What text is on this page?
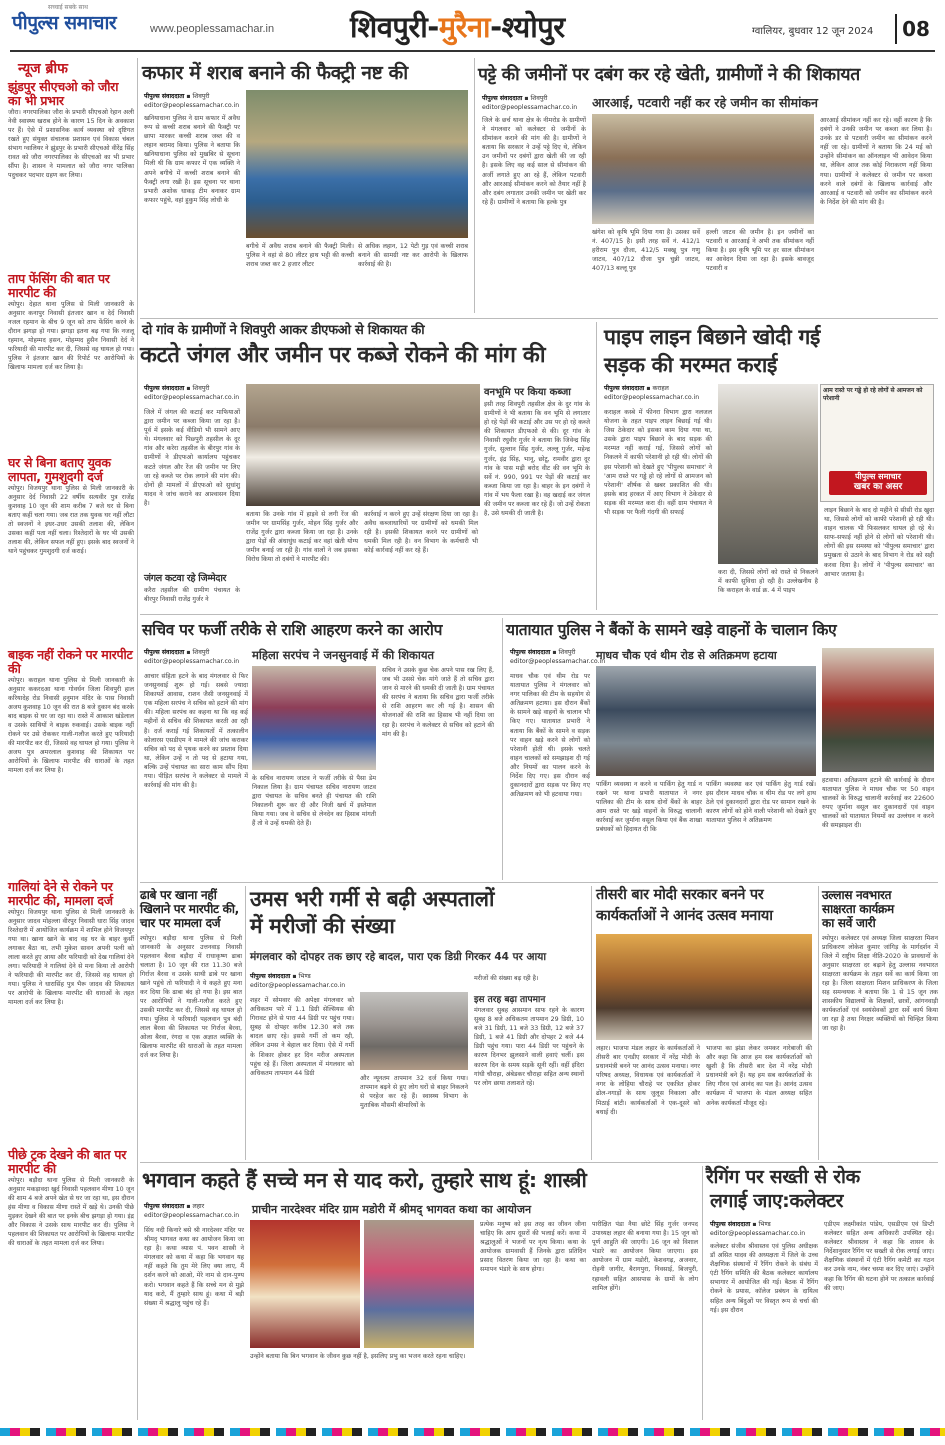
पीपुल्स समाचार
सच्चाई सबके साथ
www.peoplessamachar.in	शिवपुरी-मुरैना-श्योपुर	ग्वालियर, बुधवार 12 जून 2024 08
न्यूज ब्रीफ
झुंडपुर सीएचओ को जौरा का भी प्रभार
जौरा। नगरपालिका जौरा के प्रभारी सीएचओ रेहान अली नेवी स्वास्थ्य खराब होने के कारण 15 दिन के अवकाश पर हैं। ऐसे में प्रशासनिक कार्य व्यवस्था को दृष्टिगत रखते हुए संयुक्त संचालक प्रशासन एवं विकास चंबल संभाग ग्वालियर ने झुंडपुर के प्रभारी सीएचओ वीरेंद्र सिंह रावत को जौरा नगरपालिका के सीएचओ का भी प्रभार सौंपा है। शासन ने मामलात को जौरा नगर पालिका पदुचकर पदभार ग्रहण कर लिया।
ताप फेंसिंग की बात पर मारपीट की
श्योपुर। देहात थाना पुलिस से मिली जानकारी के अनुसार कनापुर निवासी इंतजार खान व देर्द निवासी नजल रहमान के बीच 9 जून को ताप फेंसिंग करने के दौरान झगड़ा हो गया। झगड़ा इतना बढ़ गया कि नजलू रहमान, मोहम्मद हसन, मोहम्मद हुसैन निवासी देर्द ने फरियादी की मारपीट कर दी, जिससे वह घायल हो गया। पुलिस ने इंतजार खान की रिपोर्ट पर आरोपियों के खिलाफ मामला दर्ज कर लिया है।
घर से बिना बताए युवक लापता, गुमशुदगी दर्ज
श्योपुर। विजयपुर थाना पुलिस से मिली जानकारी के अनुसार देर्द निवासी 22 वर्षीय सत्यवीर पुत्र राजेंद्र कुशवाह 10 जून की शाम करीब 7 बजे घर से बिना बताए कहीं चला गया। जब रात तक युवक घर नहीं लौटा तो स्वजनों ने इधर-उधर उसकी तलाश की, लेकिन उसका कहीं पता नहीं चला। रिश्तेदारों के घर भी उसकी तलाश की, लेकिन सफल नहीं हुए। इसके बाद स्वजनों ने थाने पहुंचकर गुमशुदगी दर्ज कराई।
बाइक नहीं रोकने पर मारपीट की
श्योपुर। कराहल थाना पुलिस से मिली जानकारी के अनुसार ककरदआ थाना गोवर्धन जिला शिवपुरी हाल करियादेह रोड निवासी हनुमान मंदिर के पास निवासी अजय कुशवाह 10 जून की रात 8 बजे दुकान बंद करके बाद बाइक से घर जा रहा था। रास्ते में आकाश खंडेलाल व उसके साथियों ने बाइक रुकवाई। उसके बाइक नहीं रोकने पर उसे रोककर गाली-गलौज करते हुए फरियादी की मारपीट कर दी, जिससे वह घायल हो गया। पुलिस ने अजय पुत्र अमरलाल कुशवाह की शिकायत पर आरोपियों के खिलाफ मारपीट की धाराओं के तहत मामला दर्ज कर लिया है।
गालियां देने से रोकने पर मारपीट की, मामला दर्ज
श्योपुर। विजयपुर थाना पुलिस से मिली जानकारी के अनुसार जादव मोहल्ला वीरपुर निवासी धारा सिंह जादव रिश्तेदारी में आयोजित कार्यक्रम में शामिल होने विजयपुर गया था। खाना खाने के बाद वह घर के बाहर कुर्सी लगाकर बैठा था, तभी मुकेश सावन अपनी पत्नी को लाला करते हुए आया और फरियादी को देख गालियां देने लगा। फरियादी ने गालियां देने से मना किया तो आरोपी ने फरियादी की मारपीट कर दी, जिससे वह घायल हो गया। पुलिस ने धारासिंह पुत्र भैरू जादव की शिकायत पर आरोपी के खिलाफ मारपीट की धाराओं के तहत मामला दर्ज कर लिया है।
पीछे ट्रक देखने की बात पर मारपीट की
श्योपुर। बड़ौदा थाना पुलिस से मिली जानकारी के अनुसार मकड़ावदा खुर्द निवासी पहलवान मीणा 10 जून की शाम 4 बजे अपने खेत से घर जा रहा था, इस दौरान हंस मीणा व विकास मीणा रास्ते में खड़े थे। उनकी पीछे मुड़कर देखने की बात पर इनके बीच झगड़ा हो गया। इंद्र और विकास ने उसके साथ मारपीट कर दी। पुलिस ने पहलवान की शिकायत पर आरोपियों के खिलाफ मारपीट की धाराओं के तहत मामला दर्ज कर लिया।
कफार में शराब बनाने की फैक्ट्री नष्ट की
पीपुल्स संवाददाता ▪ शिवपुरी
editor@peoplessamachar.co.in
खनियाधाना पुलिस ने ग्राम कफार में अवैध रूप से कच्ची शराब बनाने की फैक्ट्री पर छापा मारकर कच्ची शराब जब्त की व लहान बरामद किया। पुलिस ने बताया कि खनियाधाना पुलिस को मुखबिर से सूचना मिली थी कि ग्राम कफार में एक व्यक्ति ने अपने बगीचे में कच्ची शराब बनाने की फैक्ट्री लगा रखी है। इस सूचना पर थाना प्रभारी अशोक धाकड़ टीम बनाकर ग्राम कफार पहुंचे, वहां हुकुम सिंह लोधी के
बगीचे में अवैध शराब बनाने की फैक्ट्री मिली। पुलिस ने वहां से 80 लीटर हाथ भट्टी की कच्ची शराब जब्त कर 2 हजार लीटर
से अधिक लहान, 12 पेटी गुड़ एवं कच्ची शराब बनाने की सामग्री नष्ट कर आरोपी के खिलाफ कार्रवाई की है।
पट्टे की जमीनों पर दबंग कर रहे खेती, ग्रामीणों ने की शिकायत
पीपुल्स संवाददाता ▪ शिवपुरी
editor@peoplessamachar.co.in	आरआई, पटवारी नहीं कर रहे जमीन का सीमांकन
जिले के छर्च थाना क्षेत्र के नीमरोड के ग्रामीणों ने मंगलवार को कलेक्टर से जमीनों के सीमांकन कराने की मांग की है। ग्रामीणों ने बताया कि सरकार ने उन्हें पट्टे दिए थे, लेकिन उन जमीनों पर दबंगों द्वारा खेती की जा रही है। इसके लिए वह कई साल से सीमांकन की अर्जी लगाते हुए आ रहे हैं, लेकिन पटवारी और आरआई सीमांकन करने को तैयार नहीं है और दबंग लगातार उनकी जमीन पर खेती कर रहे हैं। ग्रामीणों ने बताया कि हल्के पुत्र
खंगेश को कृषि भूमि दिया गया है। उसका सर्वे नं. 407/15 है। इसी तरह सर्वे नं. 412/1 हरीराम पुत्र दौजा, 412/5 मक्खू पुत्र गणु जाटव, 407/12 दौजा पुत्र चुन्नी जाटव, 407/13 बल्लू पुत्र
हल्ली जाटव की जमीन है। इन जमीनों का पटवारी व आरआई ने अभी तक सीमांकन नहीं किया है। इस कृषि भूमि पर हर साल सीमांकन का आवेदन दिया जा रहा है। इसके बावजूद पटवारी व
आरआई सीमांकन नहीं कर रहे। वहीं कारण है कि दबंगों ने उनकी जमीन पर कब्जा कर लिया है। उनके डर से पटवारी जमीन का सीमांकन करने नहीं जा रहे। ग्रामीणों ने बताया कि 24 मई को उन्होंने सीमांकन का ऑनलाइन भी आवेदन किया था, लेकिन आज तक कोई निराकरण नहीं किया गया। ग्रामीणों ने कलेक्टर से जमीन पर कब्जा करने वाले दबंगों के खिलाफ कार्रवाई और आरआई व पटवारी को जमीन का सीमांकन करने के निर्देश देने की मांग की है।
दो गांव के ग्रामीणों ने शिवपुरी आकर डीएफओ से शिकायत की
कटते जंगल और जमीन पर कब्जे रोकने की मांग की
पीपुल्स संवाददाता ▪ शिवपुरी
editor@peoplessamachar.co.in
जिले में जंगल की कटाई कर माफियाओं द्वारा जमीन पर कब्जा किया जा रहा है। पूर्व में इसके कई वीडियो भी सामने आए थे। मंगलवार को पिछ्पुरी तहसील के दूर गांव और करेरा तहसील के बीरपुर गांव के ग्रामीणों ने डीएफओ कार्यालय पहुंचकर कटते जंगल और रेंज की जमीन पर लिए जा रहे कब्जे पर रोक लगाने की मांग की। दोनों ही मामलों में डीएफओ को सुधांशु यादव ने जांच कराने का आश्वासन दिया है।
जंगल कटवा रहे जिम्मेदार
करैरा तहसील की ग्रामीण पंचायत के बीरपुर निवासी राजेंद्र गुर्जर ने
बताया कि उनके गांव में हाइवे से लगी रेंज की जमीन पर ग्रामसिंह गुर्जर, मोहन सिंह गुर्जर और राजेंद्र गुर्जर द्वारा कब्जा किया जा रहा है। उनके द्वारा पेड़ों की अंधाधुंध कटाई कर वहां खेती योग्य जमीन बनाई जा रही है। गांव वालों ने जब इसका विरोध किया तो दबंगों ने मारपीट की।
कार्रवाई न करने हुए उन्हें संरक्षण दिया जा रहा है। अवैध कब्जाधारियों पर ग्रामीणों को धमकी मिल रही है। इसकी शिकायत करने पर ग्रामीणों को धमकी मिल रही है। वन विभाग के कर्मचारी भी कोई कार्रवाई नहीं कर रहे हैं।
वनभूमि पर किया कब्जा
इसी तरह शिवपुरी तहसील क्षेत्र के दुर गांव के ग्रामीणों ने भी बताया कि वन भूमि से लगातार हो रहे पेड़ों की कटाई और उस पर हो रहे कब्जे की शिकायत डीएफओ से की। दूर गांव के निवासी रघुवीर गुर्जर ने बताया कि जिवेन्द्र सिंह गुर्जर, सुल्तान सिंह गुर्जर, लल्लू गुर्जर, महेन्द्र गुर्जर, इंद्र सिंह, भानू, छोटू, रामवीर द्वारा दूर गांव के पास मढ़ी बरोद वीट की वन भूमि के सर्वे नं. 990, 991 पर पेड़ों की कटाई कर कब्जा किया जा रहा है। बाहर के इन दबंगों ने गांव में भय फैला रखा है। वह खदाई कर जंगल की जमीन पर कब्जा कर रहे हैं। जो उन्हें रोकता है, उसे धमकी दी जाती है।
पाइप लाइन बिछाने खोदी गई
सड़क की मरम्मत कराई
पीपुल्स संवाददाता ▪ कराहल
editor@peoplessamachar.co.in
कराहल कस्बे में फीनरा विभाग द्वारा नलजल योजना के तहत पाइप लाइन बिछाई गई थी। जिस ठेकेदार को इसका काम दिया गया था, उसके द्वारा पाइप बिछाने के बाद सड़क की मरम्मत नहीं कराई गई, जिससे लोगों को निकलने में काफी परेशानी हो रही थी। लोगों की इस परेशानी को देखते हुए 'पीपुल्स समाचार' ने 'आम रास्ते पर गड्ढे हो रहे लोगों से आमजन को परेशानी' शीर्षक से खबर प्रकाशित की थी। इसके बाद हरकत में आए विभाग ने ठेकेदार से सड़क की मरम्मत करा दी। वहीं ग्राम पंचायत ने भी सड़क पर फैली गंदगी की सफाई
आम रास्ते पर गड्ढे हो रहे लोगों से आमजन को परेशानी
पीपुल्स समाचार
खबर का असर
करा दी, जिससे लोगों को रास्ते से निकलने में काफी सुविधा हो रही है। उल्लेखनीय है कि कराहल के वार्ड क्र. 4 में पाइप
लाइन बिछाने के बाद दो महीने से सीसी रोड खुदा था, जिससे लोगों को काफी परेशानी हो रही थी। वाहन चालक भी फिसलकर घायल हो रहे थे। साफ-सफाई नहीं होने से लोगों को परेशानी थी। लोगों की इस समस्या को 'पीपुल्स समाचार' द्वारा प्रमुखता से उठाने के बाद विभाग ने रोड को सही करवा दिया है। लोगों ने 'पीपुल्स समाचार' का आभार जताया है।
सचिव पर फर्जी तरीके से राशि आहरण करने का आरोप
पीपुल्स संवाददाता ▪ शिवपुरी
editor@peoplessamachar.co.in	महिला सरपंच ने जनसुनवाई में की शिकायत
आचार संहिता हटने के बाद मंगलवार से फिर जनसुनवाई शुरू हो गई। सबसे ज्यादा शिकायतें आवास, राशन जैसी जनसुनवाई में एक महिला सरपंच ने सचिव को हटाने की मांग की। महिला सरपंच का कहना था कि वह कई महीनों से सचिव की शिकायत करती आ रही है। दर्ज कराई गई शिकायतों में तत्कालीन कोलारस एसडीएम ने मामले की जांच कराकर सचिव को पद से पृथक करने का प्रस्ताव दिया था, लेकिन उन्हें न तो पद से हटाया गया, बल्कि उन्हें पंचायत का सारा काम सौंप दिया गया। पीड़ित सरपंच ने कलेक्टर से मामले में कार्रवाई की मांग की है।
के सचिव नारायण जाटव ने फर्जी तरीके से पैसा डेम निकाल लिया है। ग्राम पंचायत सचिव नारायण जाटव द्वारा पंचायत के सचिव बनते ही पंचायत की राशि निकालनी शुरू कर दी और निजी खर्च में इस्तेमाल किया गया। जब वे सचिव से लेनदेन का हिसाब मांगती हैं तो वे उन्हें धमकी देते हैं।
सचिव ने उसके कुछ चेक अपने पास रख लिए हैं, जब भी उससे चेक मांगे जाते हैं तो सचिव द्वारा जान से मारने की धमकी दी जाती है। ग्राम पंचायत की सरपंच ने बताया कि सचिव द्वारा फर्जी तरीके से राशि आहरण कर ली गई है। शासन की योजनाओं की राशि का हिसाब भी नहीं दिया जा रहा है। सरपंच ने कलेक्टर से सचिव को हटाने की मांग की है।
यातायात पुलिस ने बैंकों के सामने खड़े वाहनों के चालान किए
पीपुल्स संवाददाता ▪ शिवपुरी
editor@peoplessamachar.co.in
माधव चौक एवं थीम रोड से अतिक्रमण हटाया
माधव चौक एवं थीम रोड पर यातायात पुलिस ने मंगलवार को नगर पालिका की टीम के सहयोग से अतिक्रमण हटाया। इस दौरान बैंकों के सामने खड़े वाहनों के चालान भी किए गए। यातायात प्रभारी ने बताया कि बैंकों के सामने व सड़क पर वाहन खड़े करने से लोगों को परेशानी होती थी। इसके चलते वाहन चालकों को समझाइश दी गई और नियमों का पालन करने के निर्देश दिए गए। इस दौरान कई दुकानदारों द्वारा सड़क पर किए गए अतिक्रमण को भी हटवाया गया।
पार्किंग व्यवस्था न करने व पार्किंग हेतु गार्ड न रखने पर थाना प्रभारी यातायात ने नगर पालिका की टीम के साथ दोनों बैंकों के बाहर आम रास्ते पर खड़े वाहनों के विरुद्ध चालानी कार्रवाई कर जुर्माना वसूल किया एवं बैंक शाखा प्रबंधकों को हिदायत दी कि
पार्किंग व्यवस्था कर एवं पार्किंग हेतु गार्ड रखें। इस दौरान माधव चौक व थीम रोड पर लगे हाथ ठेले एवं दुकानदारों द्वारा रोड पर सामान रखने के कारण लोगों को होने वाली परेशानी को देखते हुए यातायात पुलिस ने अतिक्रमण
हटवाया। अतिक्रमण हटाने की कार्रवाई के दौरान यातायात पुलिस ने माधव चौक पर 50 वाहन चालकों के विरुद्ध चालानी कार्रवाई कर 22600 रुपए जुर्माना वसूल कर दुकानदारों एवं वाहन चालकों को यातायात नियमों का उल्लंघन न करने की समझाइश दी।
ढाबे पर खाना नहीं खिलाने पर मारपीट की, चार पर मामला दर्ज
श्योपुर। बड़ौदा थाना पुलिस से मिली जानकारी के अनुसार उत्तनवाड़ निवासी पहलवान बैरवा बड़ौदा में राधाकृष्ण ढाबा चलाता है। 10 जून की रात 11.30 बजे गिर्राज बैरवा व उसके साथी ढाबे पर खाना खाने पहुंचे तो फरियादी ने ये कहते हुए मना कर दिया कि ढाबा बंद हो गया है। इस बात पर आरोपियों ने गाली-गलौज करते हुए उसकी मारपीट कर दी, जिससे वह घायल हो गया। पुलिस ने फरियादी पहलवान पुत्र बंदी लाल बैरवा की शिकायत पर गिर्राज बैरवा, ओला बैरवा, रंगदा व एक अज्ञात व्यक्ति के खिलाफ मारपीट की धाराओं के तहत मामला दर्ज कर लिया है।
उमस भरी गर्मी से बढ़ी अस्पतालों
में मरीजों की संख्या
मंगलवार को दोपहर तक छाए रहे बादल, पारा एक डिग्री गिरकर 44 पर आया
पीपुल्स संवाददाता ▪ भिण्ड
editor@peoplessamachar.co.in
शहर में सोमवार की अपेक्षा मंगलवार को अधिकतम पारे में 1.1 डिग्री सेल्सियस की गिरावट होने से पारा 44 डिग्री पर पहुंच गया। सुबह से दोपहर करीब 12.30 बजे तक बादल छाए रहे। इससे गर्मी तो कम रही, लेकिन उमस ने बेहाल कर दिया। ऐसे में गर्मी के शिकार होकर हर दिन मरीज अस्पताल पहुंच रहे हैं। जिला अस्पताल में मंगलवार को अधिकतम तापमान 44 डिग्री
और न्यूनतम तापमान 32 दर्ज किया गया। तापमान बढ़ने से हुए लोग घरों से बाहर निकलने से परहेज कर रहे हैं। स्वास्थ्य विभाग के मुताबिक मौसमी बीमारियों के
मरीजों की संख्या बढ़ रही है।
इस तरह बढ़ा तापमान
मंगलवार सुबह आसमान साफ रहने के कारण सुबह 8 बजे अधिकतम तापमान 29 डिग्री, 10 बजे 31 डिग्री, 11 बजे 33 डिग्री, 12 बजे 37 डिग्री, 1 बजे 41 डिग्री और दोपहर 2 बजे 44 डिग्री पहुंच गया। पारा 44 डिग्री पर पहुंचने के कारण दिनभर झुलसाने वाली हवाएं चलीं। इस कारण दिन के समय सड़कें सूनी रहीं। वहीं इंदिरा गांधी चौराहा, अंबेडकर चौराहा सहित अन्य स्थानों पर लोग छाया तलाशते रहे।
तीसरी बार मोदी सरकार बनने पर
कार्यकर्ताओं ने आनंद उत्सव मनाया
लहार। भाजपा मंडल लहार के कार्यकर्ताओं ने तीसरी बार एनडीए सरकार में नरेंद्र मोदी के प्रधानमंत्री बनने पर आनंद उत्सव मनाया। नगर परिषद अध्यक्ष, विधायक एवं कार्यकर्ताओं ने नगर के लोहिया चौराहे पर एकत्रित होकर ढोल-नगाड़ों के साथ जुलूस निकाला और मिठाई बांटी। कार्यकर्ताओं ने एक-दूसरे को बधाई दी।
भाजपा का झंडा लेकर जमकर नारेबाजी की और कहा कि आज हम सब कार्यकर्ताओं को खुशी है कि तीसरी बार देश में नरेंद्र मोदी प्रधानमंत्री बने हैं। यह हम सब कार्यकर्ताओं के लिए गौरव एवं आनंद का पल है। आनंद उत्सव कार्यक्रम में भाजपा के मंडल अध्यक्ष सहित अनेक कार्यकर्ता मौजूद रहे।
उल्लास नवभारत
साक्षरता कार्यक्रम
का सर्वे जारी
श्योपुर। कलेक्टर एवं अध्यक्ष जिला साक्षरता मिशन प्राधिकरण लोकेश कुमार जांगिड़ के मार्गदर्शन में जिले में राष्ट्रीय शिक्षा नीति-2020 के प्रावधानों के अनुसार साक्षरता दर बढ़ाने हेतु उल्लास नवभारत साक्षरता कार्यक्रम के तहत सर्वे का कार्य किया जा रहा है। जिला साक्षरता मिशन प्राधिकरण के जिला सह समन्वयक ने बताया कि 1 से 15 जून तक शासकीय विद्यालयों के शिक्षकों, छात्रों, आंगनवाड़ी कार्यकर्ताओं एवं स्वयंसेवकों द्वारा सर्वे कार्य किया जा रहा है तथा निरक्षर व्यक्तियों को चिन्हित किया जा रहा है।
भगवान कहते हैं सच्चे मन से याद करो, तुम्हारे साथ हूं: शास्त्री
पीपुल्स संवाददाता ▪ लहार
editor@peoplessamachar.co.in	प्राचीन नारदेश्वर मंदिर ग्राम मडोरी में श्रीमद् भागवत कथा का आयोजन
सिंध नदी किनारे बसे श्री नारदेश्वर मंदिर पर श्रीमद् भागवत कथा का आयोजन किया जा रहा है। कथा व्यास पं. पवन शास्त्री ने मंगलवार को कथा में कहा कि भगवान यह नहीं कहते कि तुम मेरे लिए क्या लाए, मैं दर्शन करने को आओ, मेरे नाम से दान-पुण्य करो। भगवान कहते हैं कि सच्चे मन से मुझे याद करो, मैं तुम्हारे साथ हूं। कथा में बड़ी संख्या में श्रद्धालु पहुंच रहे हैं।
उन्होंने बताया कि बिन भगवान के जीवन कुछ नहीं है, इसलिए प्रभु का भजन करते रहना चाहिए।
प्रत्येक मनुष्य को इस तरह का जीवन जीना चाहिए कि आप दूसरों की भलाई करें। कथा में श्रद्धालुओं ने भजनों पर नृत्य किया। कथा के आयोजक ग्रामवासी हैं जिनके द्वारा प्रतिदिन प्रसाद वितरण किया जा रहा है। कथा का समापन भंडारे के साथ होगा।
पारीक्षित पंडा नैया छोटे सिंह गुर्जर जनपद उपाध्यक्ष लहार की बनाया गया है। 15 जून को पूर्ण आहुति की जाएगी। 16 जून को विशाल भंडारे का आयोजन किया जाएगा। इस आयोजन में ग्राम मडोरी, केशवगढ़, अजनार, रोहनी जागीर, बैरागपुरा, निवसाई, बिजपुरी, रहावली सहित आसपास के ग्रामों के लोग शामिल होंगे।
रैगिंग पर सख्ती से रोक
लगाई जाए:कलेक्टर
पीपुल्स संवाददाता ▪ भिण्ड
editor@peoplessamachar.co.in
कलेक्टर संजीव श्रीवास्तव एवं पुलिस अधीक्षक डॉ असित यादव की अध्यक्षता में जिले के उच्च शैक्षणिक संस्थानों में रैगिंग रोकने के संबंध में एंटी रैगिंग समिति की बैठक कलेक्टर कार्यालय सभागार में आयोजित की गई। बैठक में रैगिंग रोकने के प्रयास, कॉलेज प्रबंधन के दायित्व सहित अन्य बिंदुओं पर विस्तृत रूप से चर्चा की गई। इस दौरान
एडीएम लक्ष्मीकांत पांडेय, एसडीएम एवं डिप्टी कलेक्टर सहित अन्य अधिकारी उपस्थित रहे। कलेक्टर श्रीवास्तव ने कहा कि शासन के निर्देशानुसार रैगिंग पर सख्ती से रोक लगाई जाए। शैक्षणिक संस्थानों में एंटी रैगिंग कमेटी का गठन कर उनके नाम, नंबर चस्पा कर दिए जाएं। उन्होंने कहा कि रैगिंग की घटना होने पर तत्काल कार्रवाई की जाए।
